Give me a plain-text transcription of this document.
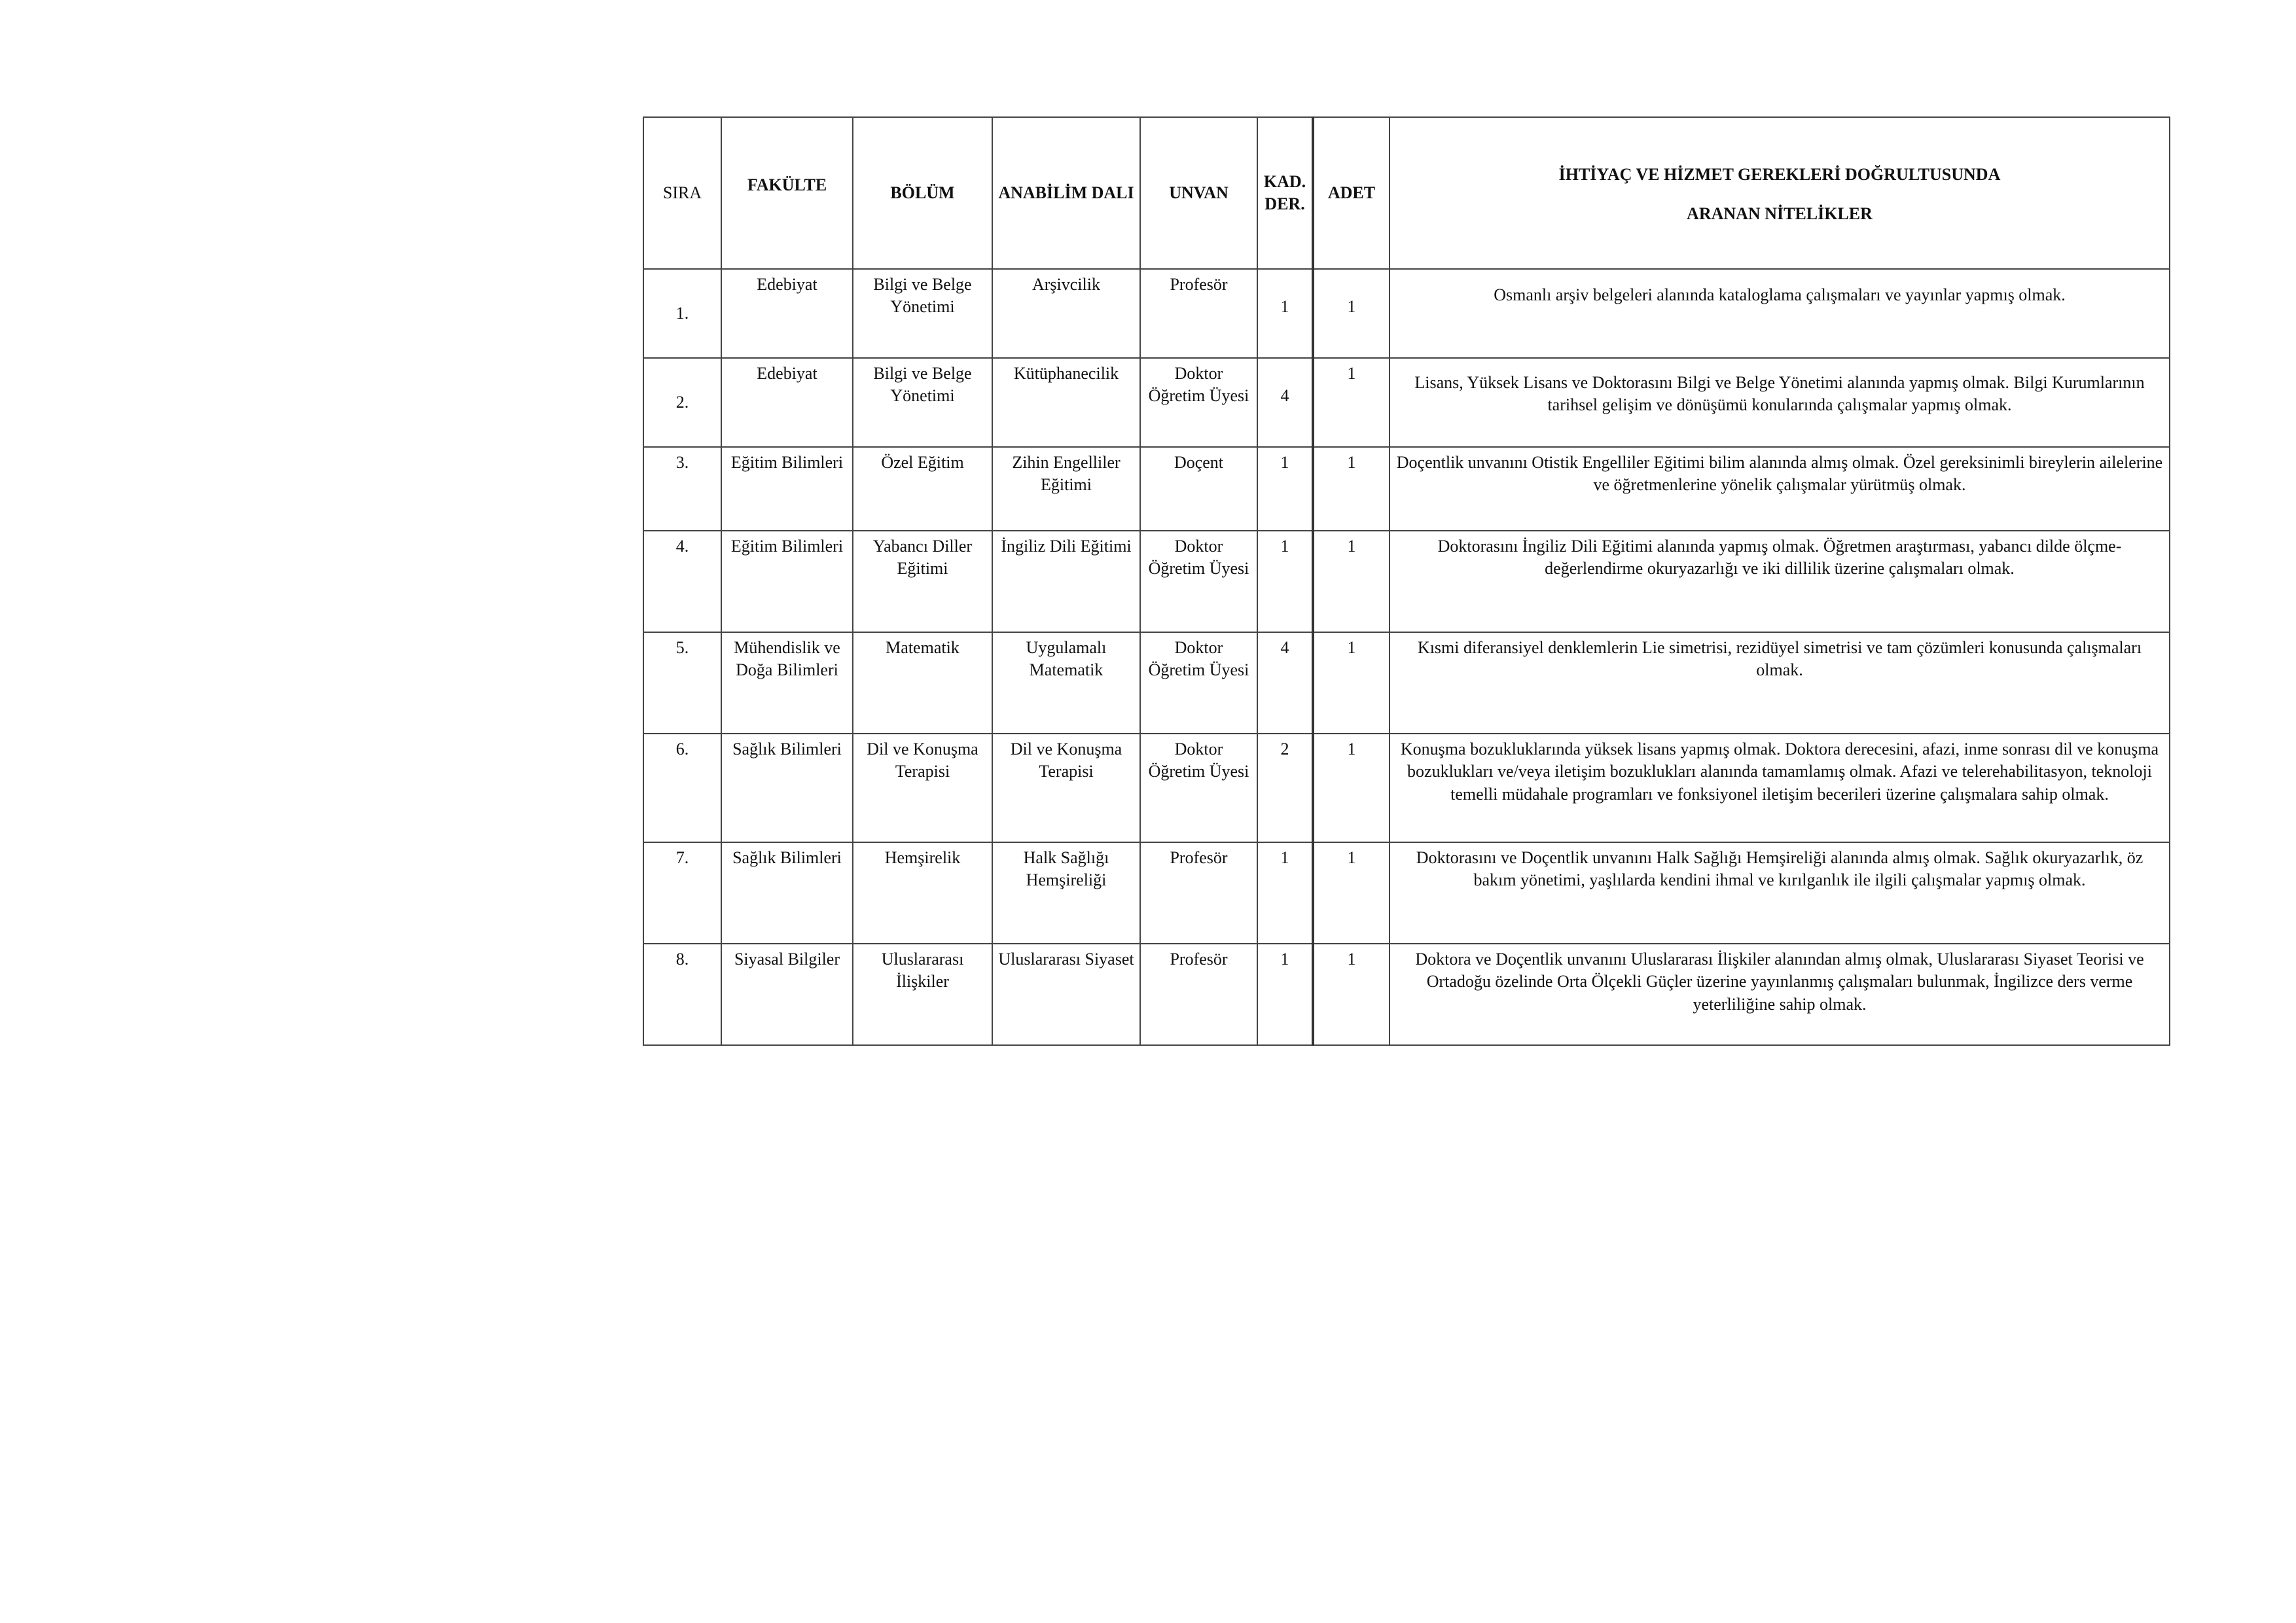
SIRA	FAKÜLTE	BÖLÜM	ANABİLİM DALI	UNVAN	KAD. DER.	ADET	İHTİYAÇ VE HİZMET GEREKLERİ DOĞRULTUSUNDA
ARANAN NİTELİKLER

1.	Edebiyat	Bilgi ve Belge Yönetimi	Arşivcilik	Profesör	1	1	Osmanlı arşiv belgeleri alanında kataloglama çalışmaları ve yayınlar yapmış olmak.
2.	Edebiyat	Bilgi ve Belge Yönetimi	Kütüphanecilik	Doktor Öğretim Üyesi	4	1	Lisans, Yüksek Lisans ve Doktorasını Bilgi ve Belge Yönetimi alanında yapmış olmak. Bilgi Kurumlarının tarihsel gelişim ve dönüşümü konularında çalışmalar yapmış olmak.
3.	Eğitim Bilimleri	Özel Eğitim	Zihin Engelliler Eğitimi	Doçent	1	1	Doçentlik unvanını Otistik Engelliler Eğitimi bilim alanında almış olmak. Özel gereksinimli bireylerin ailelerine ve öğretmenlerine yönelik çalışmalar yürütmüş olmak.
4.	Eğitim Bilimleri	Yabancı Diller Eğitimi	İngiliz Dili Eğitimi	Doktor Öğretim Üyesi	1	1	Doktorasını İngiliz Dili Eğitimi alanında yapmış olmak. Öğretmen araştırması, yabancı dilde ölçme-değerlendirme okuryazarlığı ve iki dillilik üzerine çalışmaları olmak.
5.	Mühendislik ve Doğa Bilimleri	Matematik	Uygulamalı Matematik	Doktor Öğretim Üyesi	4	1	Kısmi diferansiyel denklemlerin Lie simetrisi, rezidüyel simetrisi ve tam çözümleri konusunda çalışmaları olmak.
6.	Sağlık Bilimleri	Dil ve Konuşma Terapisi	Dil ve Konuşma Terapisi	Doktor Öğretim Üyesi	2	1	Konuşma bozukluklarında yüksek lisans yapmış olmak. Doktora derecesini, afazi, inme sonrası dil ve konuşma bozuklukları ve/veya iletişim bozuklukları alanında tamamlamış olmak. Afazi ve telerehabilitasyon, teknoloji temelli müdahale programları ve fonksiyonel iletişim becerileri üzerine çalışmalara sahip olmak.
7.	Sağlık Bilimleri	Hemşirelik	Halk Sağlığı Hemşireliği	Profesör	1	1	Doktorasını ve Doçentlik unvanını Halk Sağlığı Hemşireliği alanında almış olmak. Sağlık okuryazarlık, öz bakım yönetimi, yaşlılarda kendini ihmal ve kırılganlık ile ilgili çalışmalar yapmış olmak.
8.	Siyasal Bilgiler	Uluslararası İlişkiler	Uluslararası Siyaset	Profesör	1	1	Doktora ve Doçentlik unvanını Uluslararası İlişkiler alanından almış olmak, Uluslararası Siyaset Teorisi ve Ortadoğu özelinde Orta Ölçekli Güçler üzerine yayınlanmış çalışmaları bulunmak, İngilizce ders verme yeterliliğine sahip olmak.
